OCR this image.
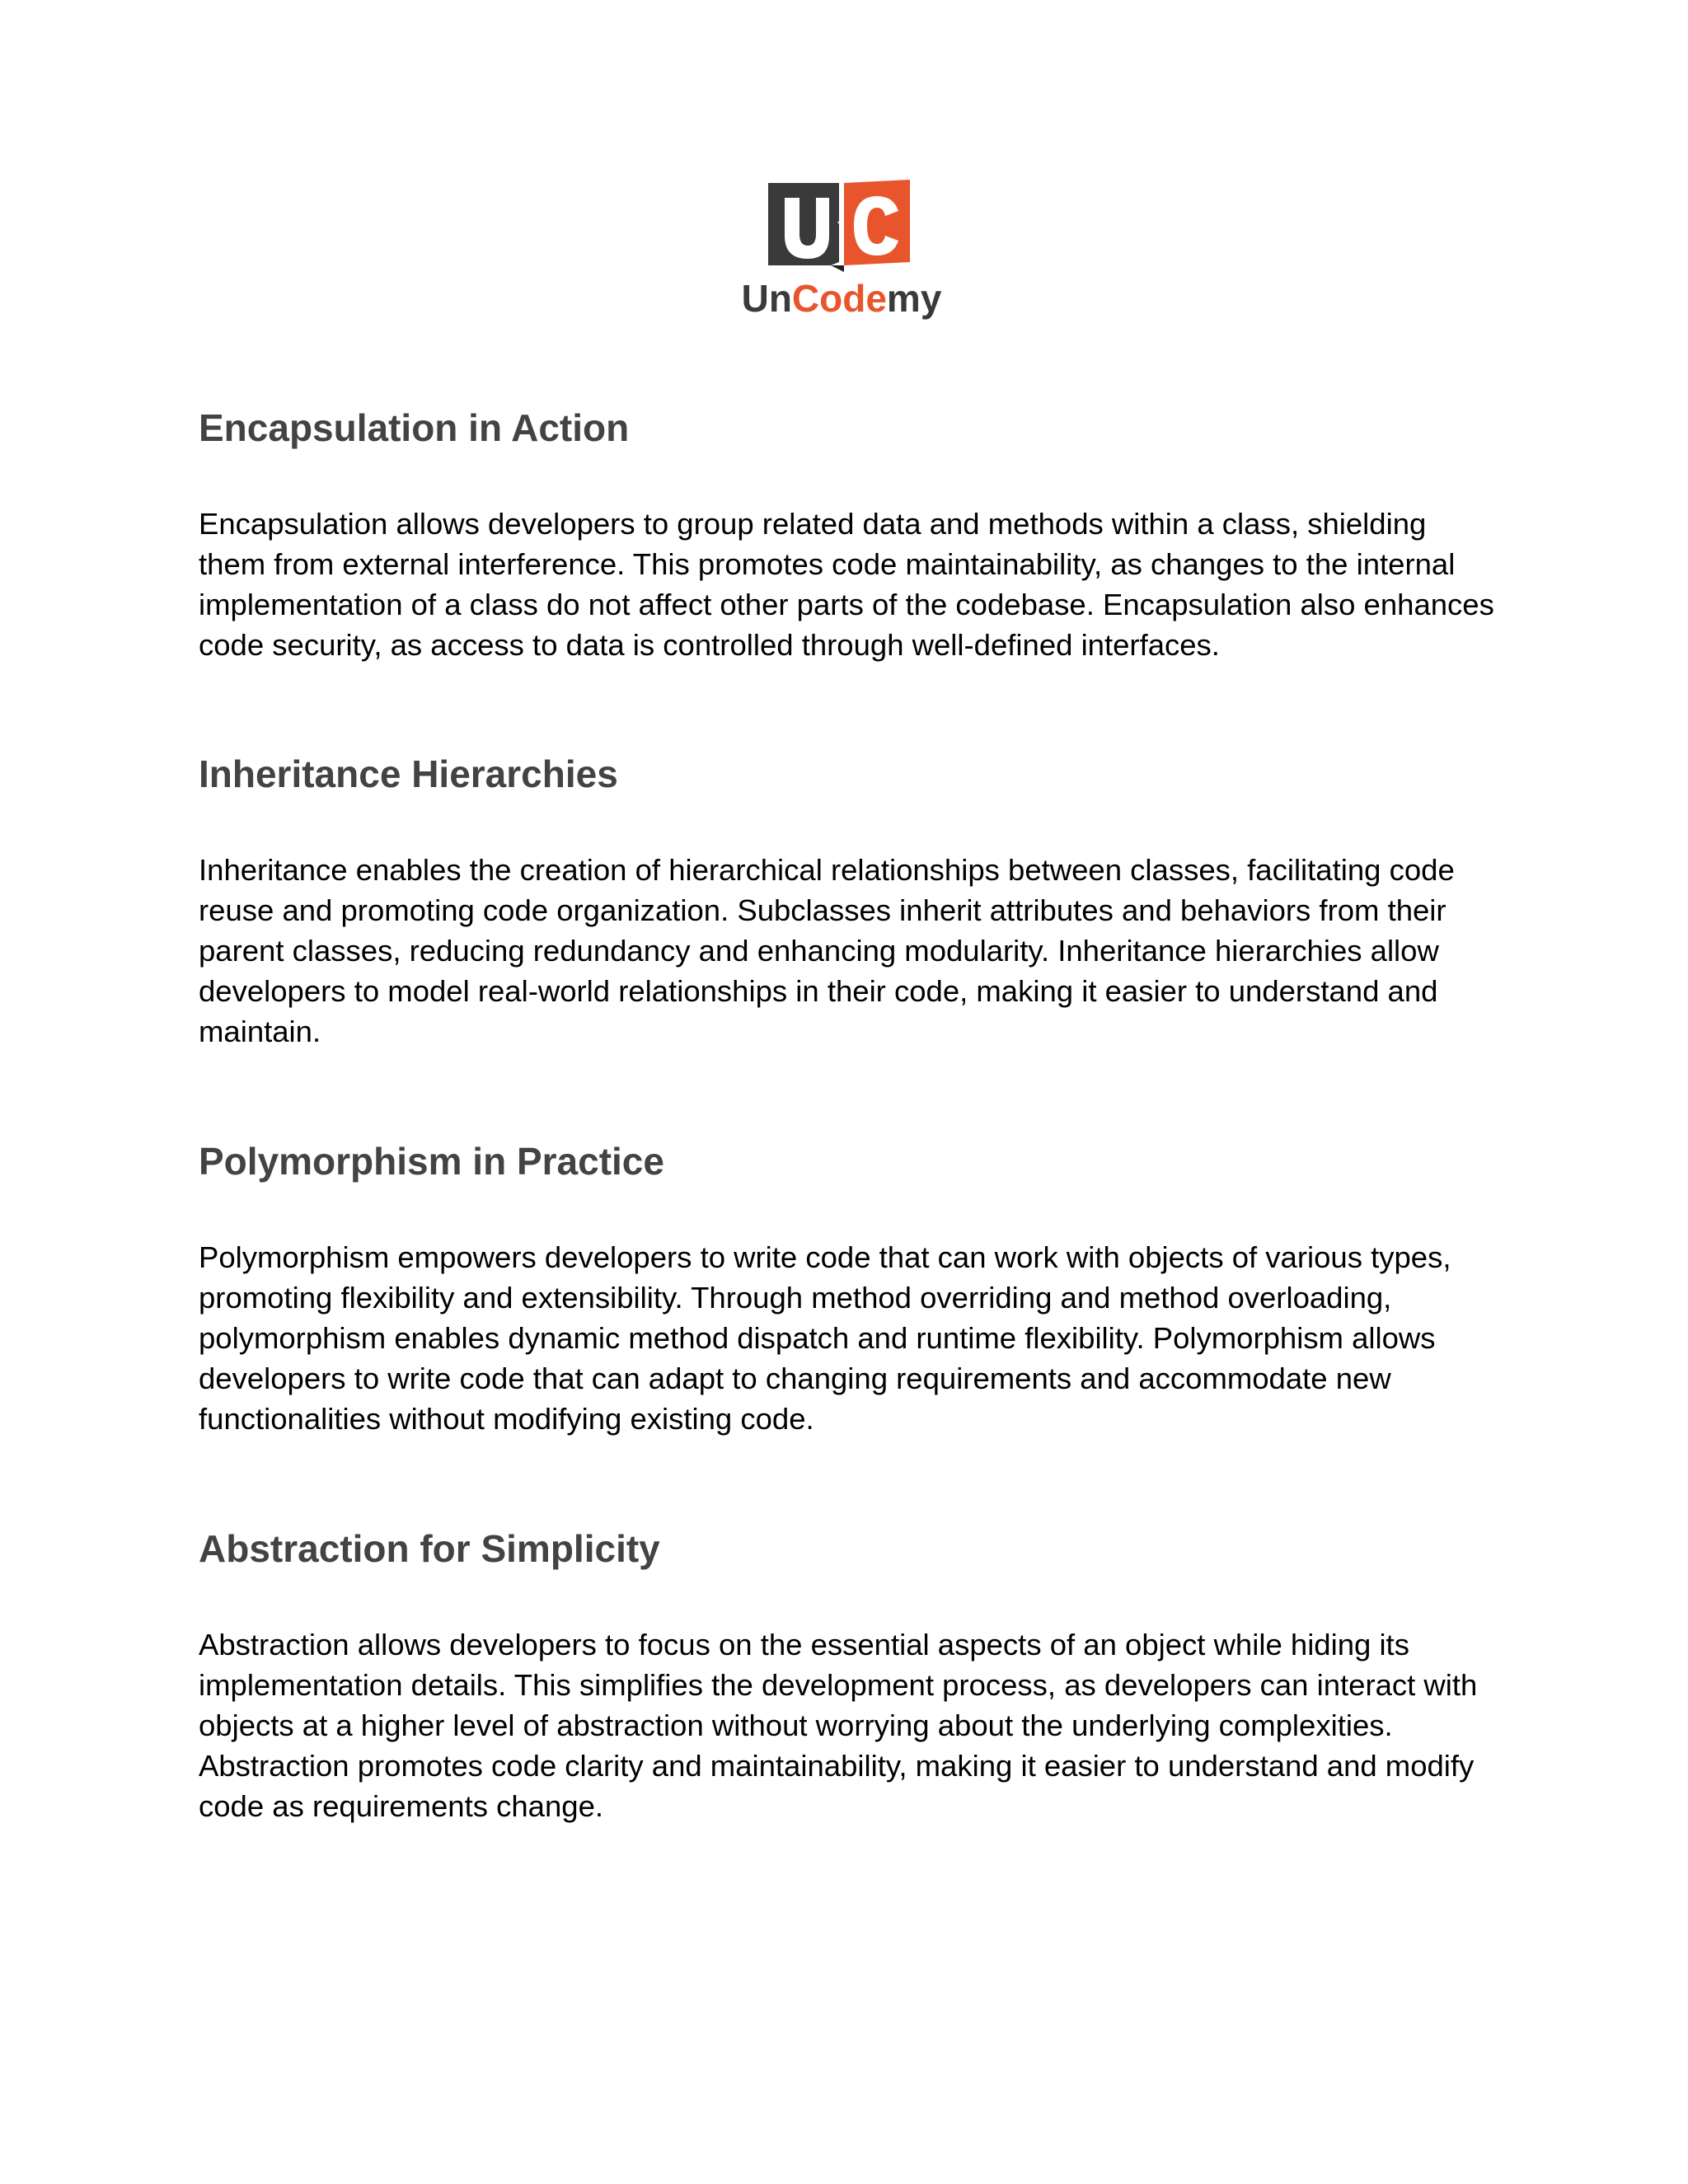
UnCodemy
Encapsulation in Action

Encapsulation allows developers to group related data and methods within a class, shielding them from external interference. This promotes code maintainability, as changes to the internal implementation of a class do not affect other parts of the codebase. Encapsulation also enhances code security, as access to data is controlled through well-defined interfaces.

Inheritance Hierarchies

Inheritance enables the creation of hierarchical relationships between classes, facilitating code reuse and promoting code organization. Subclasses inherit attributes and behaviors from their parent classes, reducing redundancy and enhancing modularity. Inheritance hierarchies allow developers to model real-world relationships in their code, making it easier to understand and maintain.

Polymorphism in Practice

Polymorphism empowers developers to write code that can work with objects of various types, promoting flexibility and extensibility. Through method overriding and method overloading, polymorphism enables dynamic method dispatch and runtime flexibility. Polymorphism allows developers to write code that can adapt to changing requirements and accommodate new functionalities without modifying existing code.

Abstraction for Simplicity

Abstraction allows developers to focus on the essential aspects of an object while hiding its implementation details. This simplifies the development process, as developers can interact with objects at a higher level of abstraction without worrying about the underlying complexities. Abstraction promotes code clarity and maintainability, making it easier to understand and modify code as requirements change.
